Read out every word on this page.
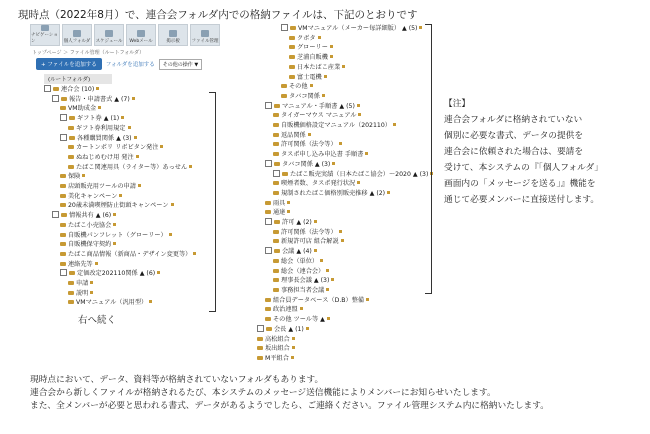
現時点（2022年8月）で、連合会フォルダ内での格納ファイルは、下記のとおりです
ナビゲーション	個人フォルダ スケジュール Webメール	掲示板	ファイル管理
トップページ ＞ ファイル管理（ルートフォルダ）
+ ファイルを追加する	フォルダを追加する	その他の操作 ▼
(ルートフォルダ)
連合会 (10)
報告・申請書式 ▲ (7)
VM助成金
ギフト券 ▲ (1)
ギフト券利用規定
各種購買関係 ▲ (3)
カートンボリ リボビタン発注
ぬねじめむけ用 発注
たばこ関連用具（ライター等）あっせん
保険
店頭販売用ツールの申請
美化キャンペーン
20歳未満喫煙防止街頭キャンペーン
情報共有 ▲ (6)
たばこ小売協会
自販機パンフレット（グローリー）
自販機保守契約
たばこ商品情報（新商品・デザイン変更等）
連絡先等
定価改定202110関係 ▲ (6)
申請
説明
VMマニュアル（汎用型）
右へ続く
VMマニュアル（メーカー毎詳細版） ▲ (5)
クボタ
グローリー
芝浦自販機
日本たばこ産業
富士電機
その他
タバコ関係
マニュアル・手順書 ▲ (5)
タイガーマウス マニュアル
自販機価格設定マニュアル（202110）
返品関係
許可関係（法令等）
タスポ申し込み申込書 手順書
タバコ関係 ▲ (3)
たばこ販売実績（日本たばこ協会）～2020 ▲ (3)
喫煙者数、タスポ発行状況
規制されたばこ価格別販売推移 ▲ (2)
雨具
通達
許可 ▲ (2)
許可関係（法令等）
新規許可店 組合解説
会議 ▲ (4)
総会（単位）
総会（連合会）
理事長会議 ▲ (3)
事務担当者会議
組合員データベース（D.B）整備
政治連盟
その他 ツール等 ▲
会長 ▲ (1)
高松組合
坂出組合
M平組合

【注】

連合会フォルダに格納されていない

個別に必要な書式、データの提供を

連合会に依頼された場合は、要請を

受けて、本システムの『「個人フォルダ」

画面内の「メッセージを送る」』機能を

通じて必要メンバーに直接送付します。

現時点において、データ、資料等が格納されていないフォルダもあります。

連合会から新しくファイルが格納されるたび、本システムのメッセージ送信機能によりメンバーにお知らせいたします。

また、全メンバーが必要と思われる書式、データがあるようでしたら、ご連絡ください。ファイル管理システム内に格納いたします。
